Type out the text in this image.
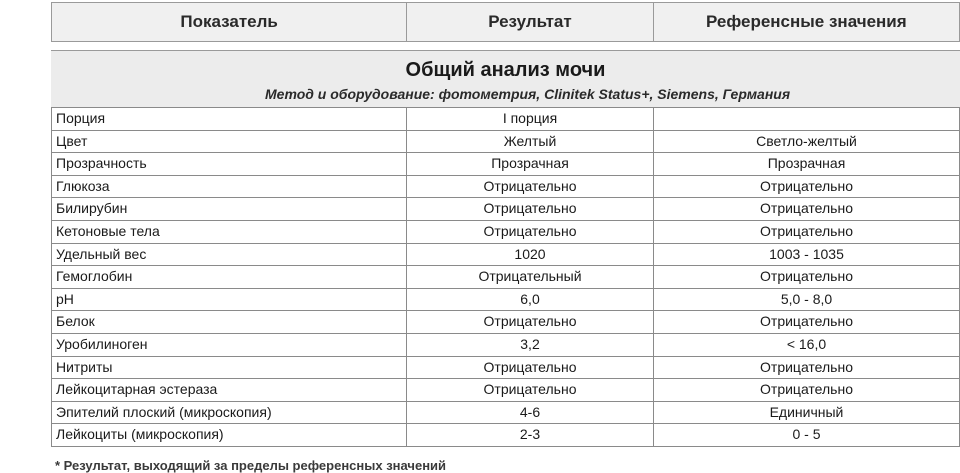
Показатель	Результат	Референсные значения
Общий анализ мочи
Метод и оборудование: фотометрия, Clinitek Status+, Siemens, Германия
Порция	I порция
Цвет	Желтый	Светло-желтый
Прозрачность	Прозрачная	Прозрачная
Глюкоза	Отрицательно	Отрицательно
Билирубин	Отрицательно	Отрицательно
Кетоновые тела	Отрицательно	Отрицательно
Удельный вес	1020	1003 - 1035
Гемоглобин	Отрицательный	Отрицательно
pH	6,0	5,0 - 8,0
Белок	Отрицательно	Отрицательно
Уробилиноген	3,2	< 16,0
Нитриты	Отрицательно	Отрицательно
Лейкоцитарная эстераза	Отрицательно	Отрицательно
Эпителий плоский (микроскопия)	4-6	Единичный
Лейкоциты (микроскопия)	2-3	0 - 5
* Результат, выходящий за пределы референсных значений
